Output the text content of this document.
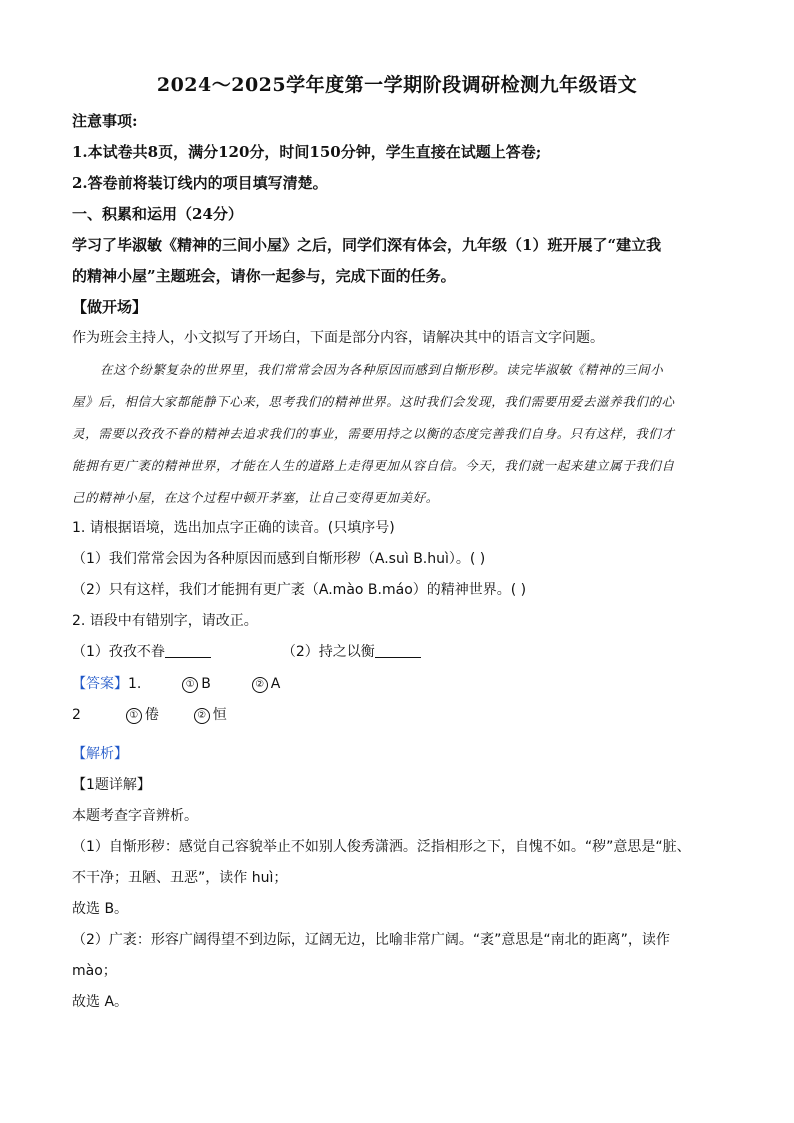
2024～2025学年度第一学期阶段调研检测九年级语文
注意事项:
1.本试卷共8页，满分120分，时间150分钟，学生直接在试题上答卷;
2.答卷前将装订线内的项目填写清楚。
一、积累和运用（24分）
学习了毕淑敏《精神的三间小屋》之后，同学们深有体会，九年级（1）班开展了“建立我
的精神小屋”主题班会，请你一起参与，完成下面的任务。
【做开场】
作为班会主持人，小文拟写了开场白，下面是部分内容，请解决其中的语言文字问题。
在这个纷繁复杂的世界里，我们常常会因为各种原因而感到自惭形秽。读完毕淑敏《精神的三间小
屋》后，相信大家都能静下心来，思考我们的精神世界。这时我们会发现，我们需要用爱去滋养我们的心
灵，需要以孜孜不眷的精神去追求我们的事业，需要用持之以衡的态度完善我们自身。只有这样，我们才
能拥有更广袤的精神世界，才能在人生的道路上走得更加从容自信。今天，我们就一起来建立属于我们自
己的精神小屋，在这个过程中顿开茅塞，让自己变得更加美好。
1. 请根据语境，选出加点字正确的读音。(只填序号)
（1）我们常常会因为各种原因而感到自惭形秽（A.suì B.huì）。( )
（2）只有这样，我们才能拥有更广袤（A.mào B.máo）的精神世界。( )
2. 语段中有错别字，请改正。
（1）孜孜不眷	（2）持之以衡
【答案】1.	① B	② A
2	① 倦	② 恒
【解析】
【1题详解】
本题考查字音辨析。
（1）自惭形秽：感觉自己容貌举止不如别人俊秀潇洒。泛指相形之下，自愧不如。“秽”意思是“脏、
不干净；丑陋、丑恶”，读作 huì；
故选 B。
（2）广袤：形容广阔得望不到边际，辽阔无边，比喻非常广阔。“袤”意思是“南北的距离”，读作
mào；
故选 A。
